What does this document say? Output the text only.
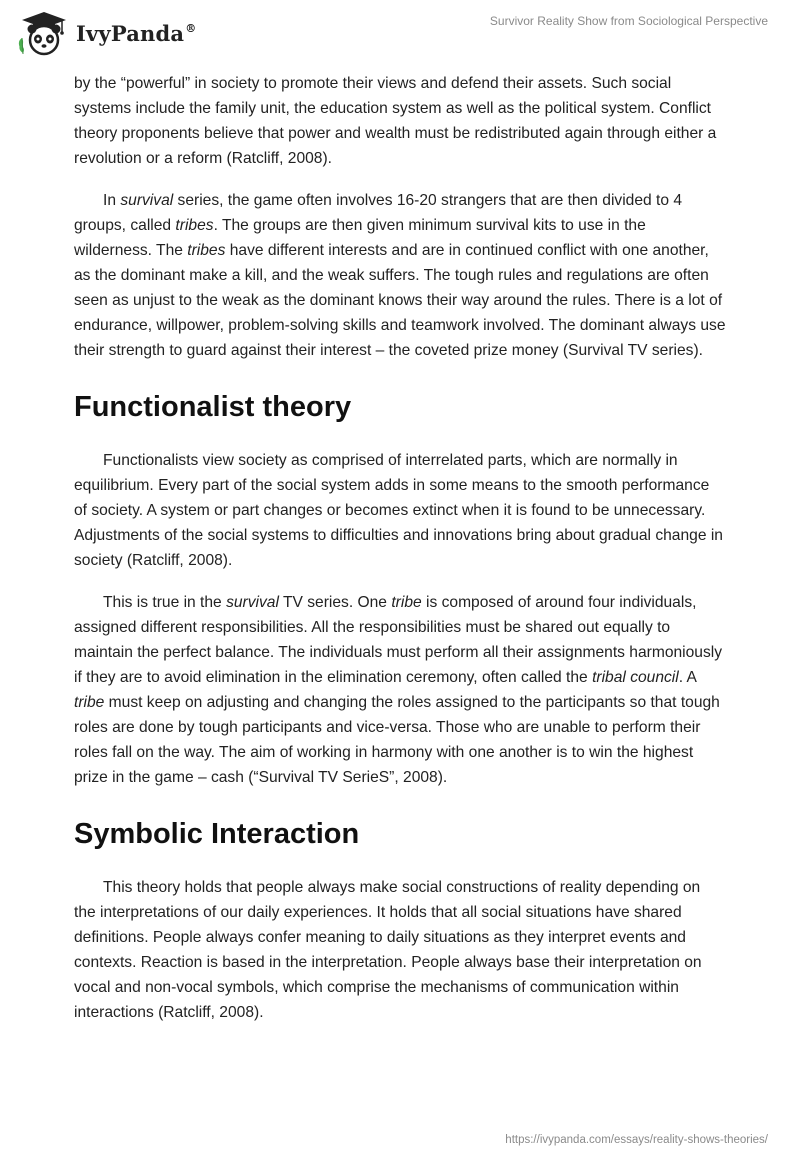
IvyPanda®	Survivor Reality Show from Sociological Perspective

by the “powerful” in society to promote their views and defend their assets. Such social systems include the family unit, the education system as well as the political system. Conflict theory proponents believe that power and wealth must be redistributed again through either a revolution or a reform (Ratcliff, 2008).

In survival series, the game often involves 16-20 strangers that are then divided to 4 groups, called tribes. The groups are then given minimum survival kits to use in the wilderness. The tribes have different interests and are in continued conflict with one another, as the dominant make a kill, and the weak suffers. The tough rules and regulations are often seen as unjust to the weak as the dominant knows their way around the rules. There is a lot of endurance, willpower, problem-solving skills and teamwork involved. The dominant always use their strength to guard against their interest – the coveted prize money (Survival TV series).

Functionalist theory

Functionalists view society as comprised of interrelated parts, which are normally in equilibrium. Every part of the social system adds in some means to the smooth performance of society. A system or part changes or becomes extinct when it is found to be unnecessary. Adjustments of the social systems to difficulties and innovations bring about gradual change in society (Ratcliff, 2008).

This is true in the survival TV series. One tribe is composed of around four individuals, assigned different responsibilities. All the responsibilities must be shared out equally to maintain the perfect balance. The individuals must perform all their assignments harmoniously if they are to avoid elimination in the elimination ceremony, often called the tribal council. A tribe must keep on adjusting and changing the roles assigned to the participants so that tough roles are done by tough participants and vice-versa. Those who are unable to perform their roles fall on the way. The aim of working in harmony with one another is to win the highest prize in the game – cash (“Survival TV SerieS”, 2008).

Symbolic Interaction

This theory holds that people always make social constructions of reality depending on the interpretations of our daily experiences. It holds that all social situations have shared definitions. People always confer meaning to daily situations as they interpret events and contexts. Reaction is based in the interpretation. People always base their interpretation on vocal and non-vocal symbols, which comprise the mechanisms of communication within interactions (Ratcliff, 2008).

https://ivypanda.com/essays/reality-shows-theories/
